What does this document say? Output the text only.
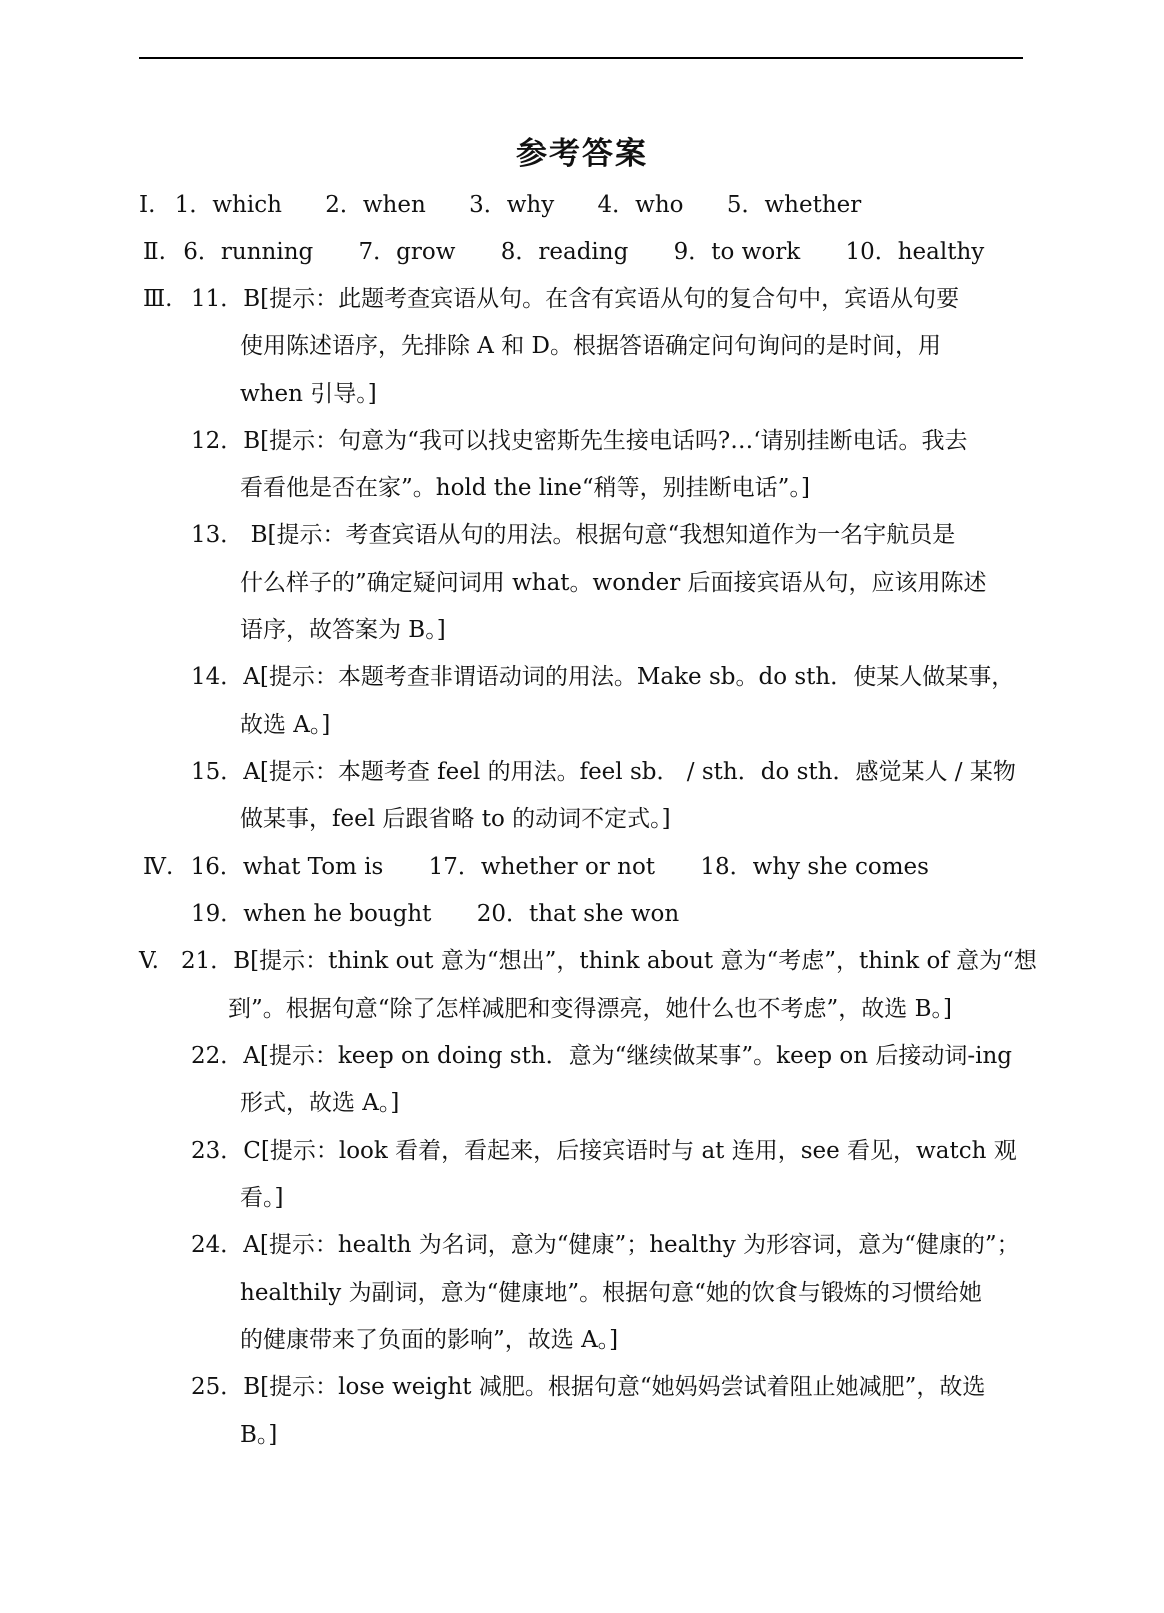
参考答案
I. 1．which 2．when 3．why 4．who 5．whether
Ⅱ. 6．running 7．grow 8．reading 9．to work 10．healthy
Ⅲ. 11．B[提示：此题考查宾语从句。在含有宾语从句的复合句中，宾语从句要
使用陈述语序，先排除 A 和 D。根据答语确定问句询问的是时间，用
when 引导。]
12．B[提示：句意为“我可以找史密斯先生接电话吗?…‘请别挂断电话。我去
看看他是否在家”。hold the line“稍等，别挂断电话”。]
13． B[提示：考查宾语从句的用法。根据句意“我想知道作为一名宇航员是
什么样子的”确定疑问词用 what。wonder 后面接宾语从句，应该用陈述
语序，故答案为 B。]
14．A[提示：本题考查非谓语动词的用法。Make sb。do sth．使某人做某事，
故选 A。]
15．A[提示：本题考查 feel 的用法。feel sb． / sth．do sth．感觉某人 / 某物
做某事，feel 后跟省略 to 的动词不定式。]
Ⅳ. 16．what Tom is 17．whether or not 18．why she comes
19．when he bought 20．that she won
V. 21．B[提示：think out 意为“想出”，think about 意为“考虑”，think of 意为“想
到”。根据句意“除了怎样减肥和变得漂亮，她什么也不考虑”，故选 B。]
22．A[提示：keep on doing sth．意为“继续做某事”。keep on 后接动词-ing
形式，故选 A。]
23．C[提示：look 看着，看起来，后接宾语时与 at 连用，see 看见，watch 观
看。]
24．A[提示：health 为名词，意为“健康”；healthy 为形容词，意为“健康的”；
healthily 为副词，意为“健康地”。根据句意“她的饮食与锻炼的习惯给她
的健康带来了负面的影响”，故选 A。]
25．B[提示：lose weight 减肥。根据句意“她妈妈尝试着阻止她减肥”，故选
B。]
